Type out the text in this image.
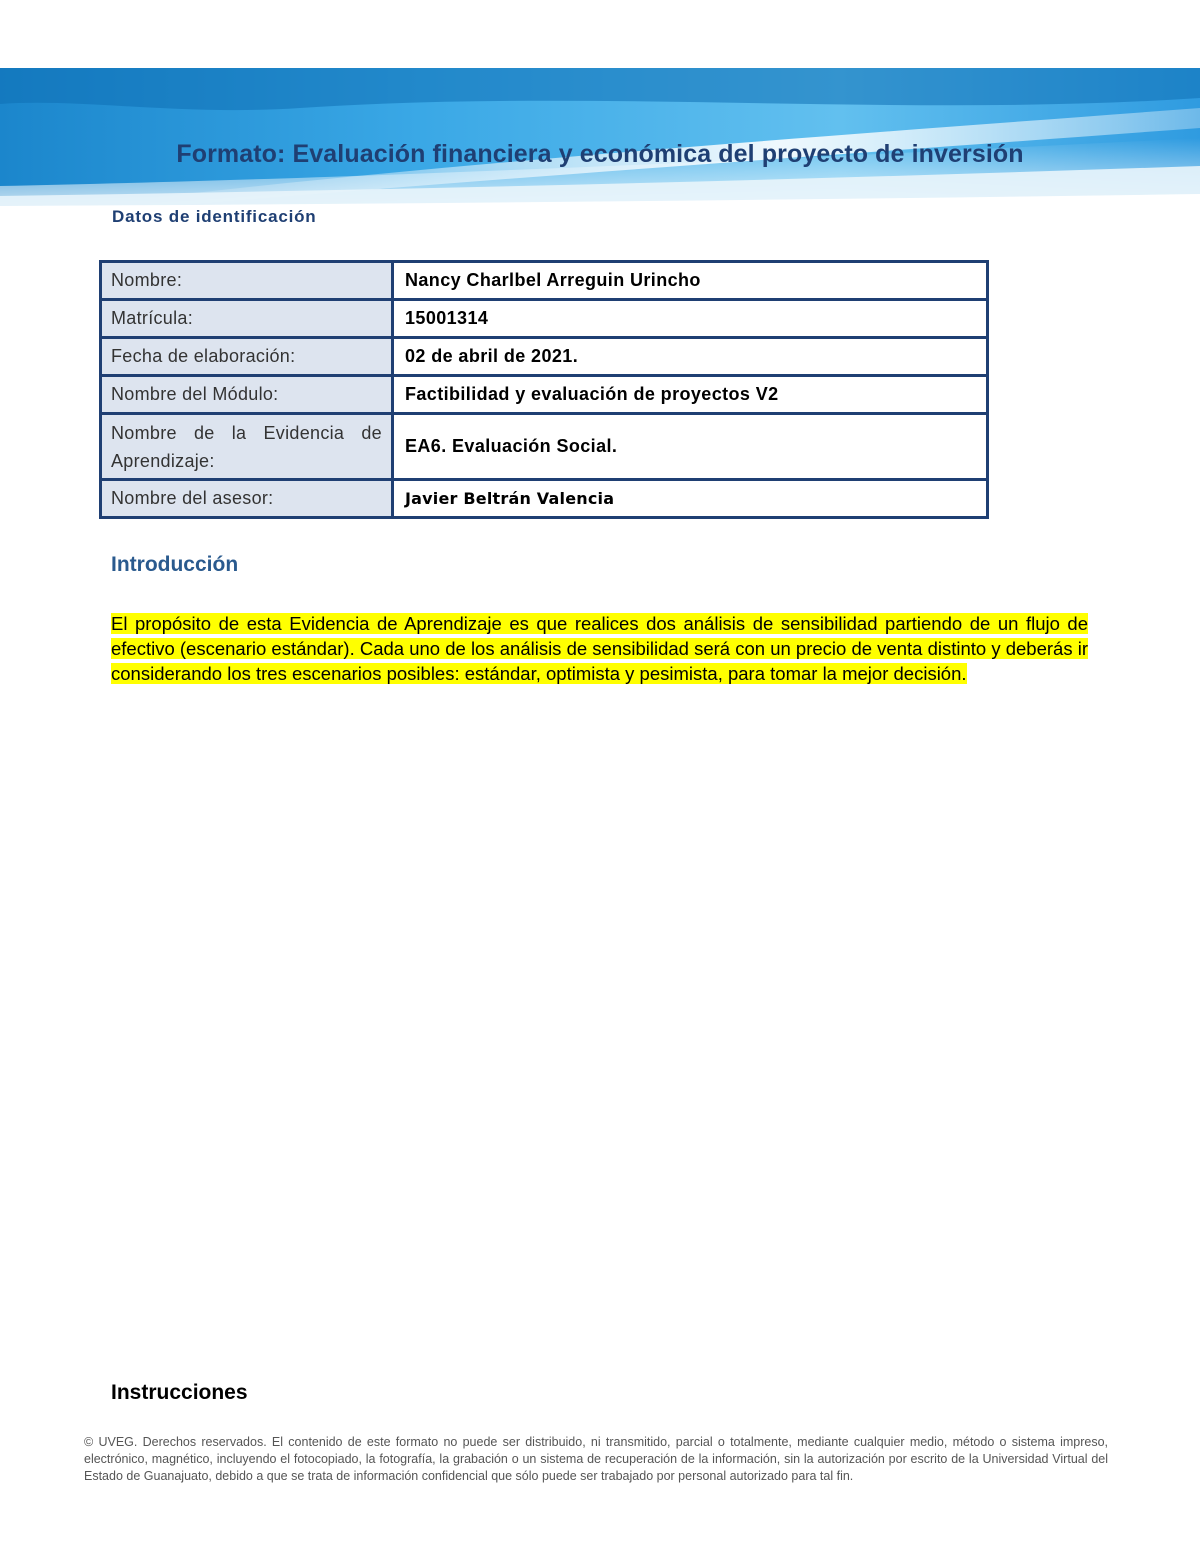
Formato: Evaluación financiera y económica del proyecto de inversión
Datos de identificación
Nombre:	Nancy Charlbel Arreguin Urincho
Matrícula:	15001314
Fecha de elaboración:	02 de abril de 2021.
Nombre del Módulo:	Factibilidad y evaluación de proyectos V2
Nombre de la Evidencia de Aprendizaje:	EA6. Evaluación Social.
Nombre del asesor:	Javier Beltrán Valencia
Introducción
El propósito de esta Evidencia de Aprendizaje es que realices dos análisis de sensibilidad partiendo de un flujo de efectivo (escenario estándar). Cada uno de los análisis de sensibilidad será con un precio de venta distinto y deberás ir considerando los tres escenarios posibles: estándar, optimista y pesimista, para tomar la mejor decisión.
Instrucciones
© UVEG. Derechos reservados. El contenido de este formato no puede ser distribuido, ni transmitido, parcial o totalmente, mediante cualquier medio, método o sistema impreso, electrónico, magnético, incluyendo el fotocopiado, la fotografía, la grabación o un sistema de recuperación de la información, sin la autorización por escrito de la Universidad Virtual del Estado de Guanajuato, debido a que se trata de información confidencial que sólo puede ser trabajado por personal autorizado para tal fin.
